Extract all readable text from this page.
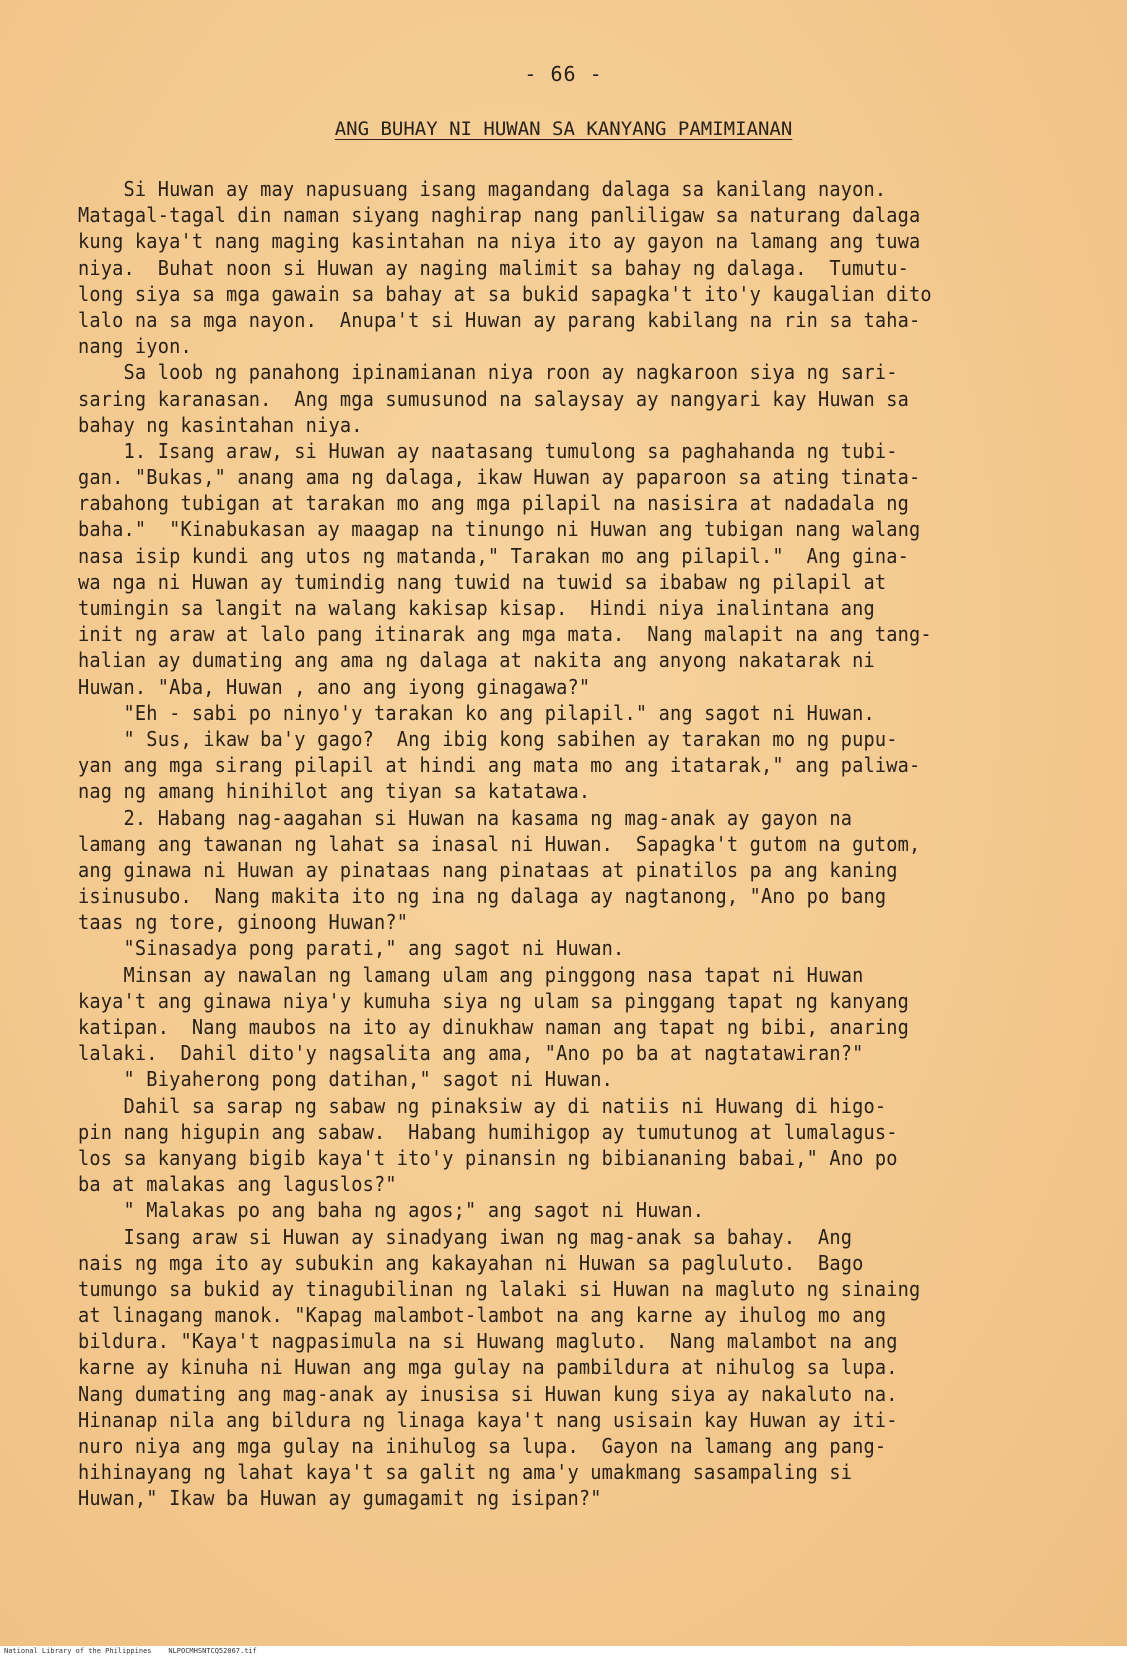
- 66 -
ANG BUHAY NI HUWAN SA KANYANG PAMIMIANAN
Si Huwan ay may napusuang isang magandang dalaga sa kanilang nayon.
Matagal-tagal din naman siyang naghirap nang panliligaw sa naturang dalaga
kung kaya't nang maging kasintahan na niya ito ay gayon na lamang ang tuwa
niya.  Buhat noon si Huwan ay naging malimit sa bahay ng dalaga.  Tumutu-
long siya sa mga gawain sa bahay at sa bukid sapagka't ito'y kaugalian dito
lalo na sa mga nayon.  Anupa't si Huwan ay parang kabilang na rin sa taha-
nang iyon.
Sa loob ng panahong ipinamianan niya roon ay nagkaroon siya ng sari-
saring karanasan.  Ang mga sumusunod na salaysay ay nangyari kay Huwan sa
bahay ng kasintahan niya.
1. Isang araw, si Huwan ay naatasang tumulong sa paghahanda ng tubi-
gan. "Bukas," anang ama ng dalaga, ikaw Huwan ay paparoon sa ating tinata-
rabahong tubigan at tarakan mo ang mga pilapil na nasisira at nadadala ng
baha."  "Kinabukasan ay maagap na tinungo ni Huwan ang tubigan nang walang
nasa isip kundi ang utos ng matanda," Tarakan mo ang pilapil."  Ang gina-
wa nga ni Huwan ay tumindig nang tuwid na tuwid sa ibabaw ng pilapil at
tumingin sa langit na walang kakisap kisap.  Hindi niya inalintana ang
init ng araw at lalo pang itinarak ang mga mata.  Nang malapit na ang tang-
halian ay dumating ang ama ng dalaga at nakita ang anyong nakatarak ni
Huwan. "Aba, Huwan , ano ang iyong ginagawa?"
"Eh - sabi po ninyo'y tarakan ko ang pilapil." ang sagot ni Huwan.
" Sus, ikaw ba'y gago?  Ang ibig kong sabihen ay tarakan mo ng pupu-
yan ang mga sirang pilapil at hindi ang mata mo ang itatarak," ang paliwa-
nag ng amang hinihilot ang tiyan sa katatawa.
2. Habang nag-aagahan si Huwan na kasama ng mag-anak ay gayon na
lamang ang tawanan ng lahat sa inasal ni Huwan.  Sapagka't gutom na gutom,
ang ginawa ni Huwan ay pinataas nang pinataas at pinatilos pa ang kaning
isinusubo.  Nang makita ito ng ina ng dalaga ay nagtanong, "Ano po bang
taas ng tore, ginoong Huwan?"
"Sinasadya pong parati," ang sagot ni Huwan.
Minsan ay nawalan ng lamang ulam ang pinggong nasa tapat ni Huwan
kaya't ang ginawa niya'y kumuha siya ng ulam sa pinggang tapat ng kanyang
katipan.  Nang maubos na ito ay dinukhaw naman ang tapat ng bibi, anaring
lalaki.  Dahil dito'y nagsalita ang ama, "Ano po ba at nagtatawiran?"
" Biyaherong pong datihan," sagot ni Huwan.
Dahil sa sarap ng sabaw ng pinaksiw ay di natiis ni Huwang di higo-
pin nang higupin ang sabaw.  Habang humihigop ay tumutunog at lumalagus-
los sa kanyang bigib kaya't ito'y pinansin ng bibiananing babai," Ano po
ba at malakas ang laguslos?"
" Malakas po ang baha ng agos;" ang sagot ni Huwan.
Isang araw si Huwan ay sinadyang iwan ng mag-anak sa bahay.  Ang
nais ng mga ito ay subukin ang kakayahan ni Huwan sa pagluluto.  Bago
tumungo sa bukid ay tinagubilinan ng lalaki si Huwan na magluto ng sinaing
at linagang manok. "Kapag malambot-lambot na ang karne ay ihulog mo ang
bildura. "Kaya't nagpasimula na si Huwang magluto.  Nang malambot na ang
karne ay kinuha ni Huwan ang mga gulay na pambildura at nihulog sa lupa.
Nang dumating ang mag-anak ay inusisa si Huwan kung siya ay nakaluto na.
Hinanap nila ang bildura ng linaga kaya't nang usisain kay Huwan ay iti-
nuro niya ang mga gulay na inihulog sa lupa.  Gayon na lamang ang pang-
hihinayang ng lahat kaya't sa galit ng ama'y umakmang sasampaling si
Huwan," Ikaw ba Huwan ay gumagamit ng isipan?"
National Library of the Philippines    NLPOCMHSNTCQ52067.tif
